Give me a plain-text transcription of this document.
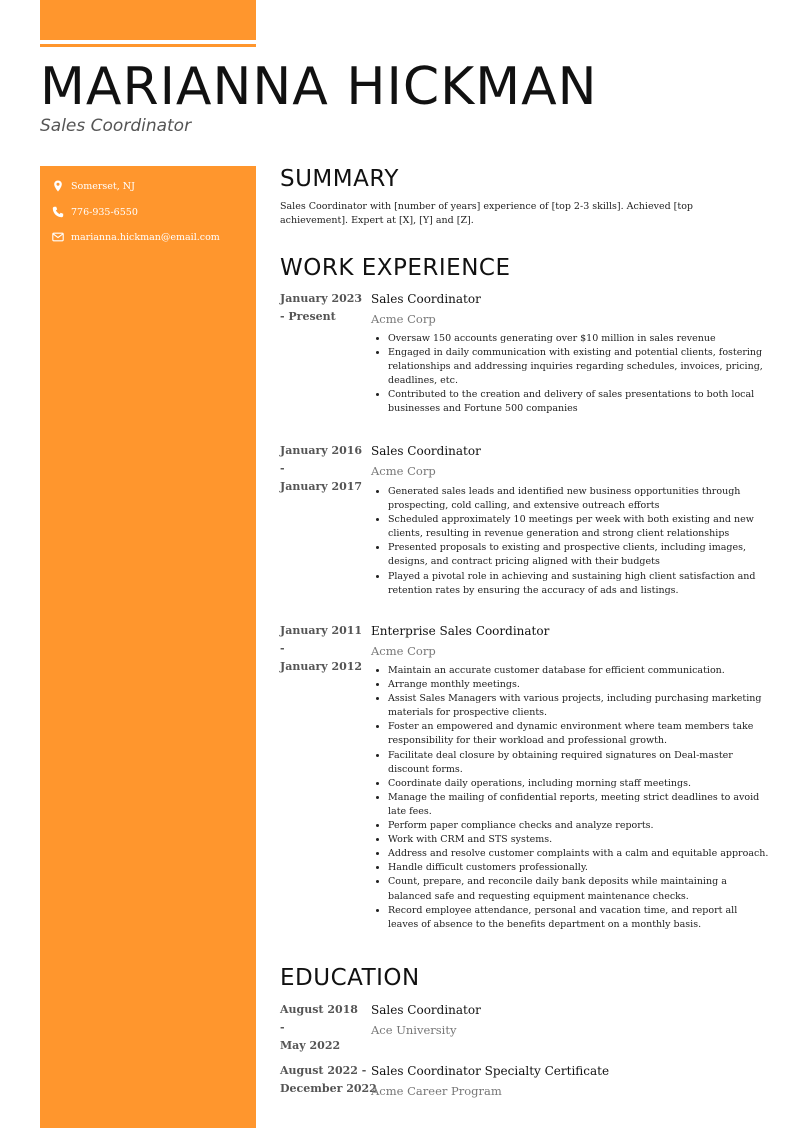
MARIANNA HICKMAN
Sales Coordinator
Somerset, NJ
776-935-6550
marianna.hickman@email.com
SUMMARY
Sales Coordinator with [number of years] experience of [top 2-3 skills]. Achieved [top achievement]. Expert at [X], [Y] and [Z].
WORK EXPERIENCE
January 2023
- Present
Sales Coordinator
Acme Corp
• Oversaw 150 accounts generating over $10 million in sales revenue
• Engaged in daily communication with existing and potential clients, fostering relationships and addressing inquiries regarding schedules, invoices, pricing, deadlines, etc.
• Contributed to the creation and delivery of sales presentations to both local businesses and Fortune 500 companies
January 2016
-
January 2017
Sales Coordinator
Acme Corp
• Generated sales leads and identified new business opportunities through prospecting, cold calling, and extensive outreach efforts
• Scheduled approximately 10 meetings per week with both existing and new clients, resulting in revenue generation and strong client relationships
• Presented proposals to existing and prospective clients, including images, designs, and contract pricing aligned with their budgets
• Played a pivotal role in achieving and sustaining high client satisfaction and retention rates by ensuring the accuracy of ads and listings.
January 2011
-
January 2012
Enterprise Sales Coordinator
Acme Corp
• Maintain an accurate customer database for efficient communication.
• Arrange monthly meetings.
• Assist Sales Managers with various projects, including purchasing marketing materials for prospective clients.
• Foster an empowered and dynamic environment where team members take responsibility for their workload and professional growth.
• Facilitate deal closure by obtaining required signatures on Deal-master discount forms.
• Coordinate daily operations, including morning staff meetings.
• Manage the mailing of confidential reports, meeting strict deadlines to avoid late fees.
• Perform paper compliance checks and analyze reports.
• Work with CRM and STS systems.
• Address and resolve customer complaints with a calm and equitable approach.
• Handle difficult customers professionally.
• Count, prepare, and reconcile daily bank deposits while maintaining a balanced safe and requesting equipment maintenance checks.
• Record employee attendance, personal and vacation time, and report all leaves of absence to the benefits department on a monthly basis.
EDUCATION
August 2018 -
May 2022
Sales Coordinator
Ace University
August 2022 -
December 2022
Sales Coordinator Specialty Certificate
Acme Career Program
